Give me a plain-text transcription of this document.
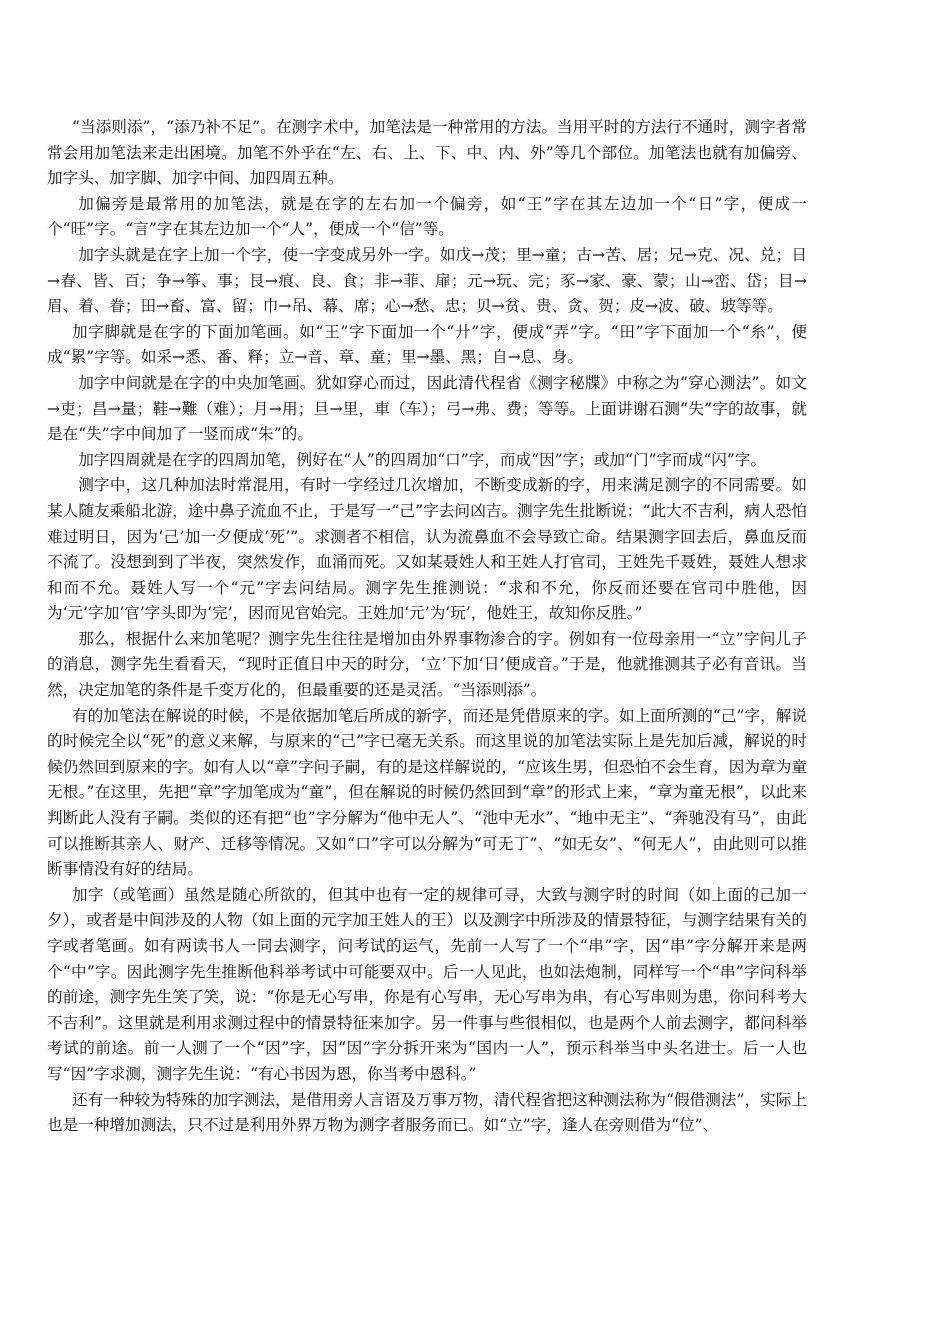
“当添则添”，“添乃补不足”。在测字术中，加笔法是一种常用的方法。当用平时的方法行不通时，测字者常常会用加笔法来走出困境。加笔不外乎在“左、右、上、下、中、内、外”等几个部位。加笔法也就有加偏旁、加字头、加字脚、加字中间、加四周五种。

加偏旁是最常用的加笔法，就是在字的左右加一个偏旁，如“王”字在其左边加一个“日”字，便成一个“旺”字。“言”字在其左边加一个“人”，便成一个“信”等。

加字头就是在字上加一个字，使一字变成另外一字。如戊→茂；里→童；古→苦、居；兄→克、况、兑；日→春、皆、百；争→筝、事；艮→痕、良、食；非→菲、扉；元→玩、完；豕→家、豪、蒙；山→峦、岱；目→眉、着、眷；田→畜、富、留；巾→吊、幕、席；心→愁、忠；贝→贫、贵、贪、贺；皮→波、破、坡等等。

加字脚就是在字的下面加笔画。如“王”字下面加一个“廾”字，便成“弄”字。“田”字下面加一个“糸”，便成“累”字等。如采→悉、番、释；立→音、章、童；里→墨、黑；自→息、身。

加字中间就是在字的中央加笔画。犹如穿心而过，因此清代程省《测字秘牒》中称之为“穿心测法”。如文→吏；昌→量；鞋→難（难）；月→用；旦→里，車（车）；弓→弗、费；等等。上面讲谢石测“失”字的故事，就是在“失”字中间加了一竖而成“朱”的。

加字四周就是在字的四周加笔，例好在“人”的四周加“口”字，而成“因”字；或加“门”字而成“闪”字。

测字中，这几种加法时常混用，有时一字经过几次增加，不断变成新的字，用来满足测字的不同需要。如某人随友乘船北游，途中鼻子流血不止，于是写一“己”字去问凶吉。测字先生批断说：“此大不吉利，病人恐怕难过明日，因为‘己’加一夕便成‘死’”。求测者不相信，认为流鼻血不会导致亡命。结果测字回去后，鼻血反而不流了。没想到到了半夜，突然发作，血涌而死。又如某聂姓人和王姓人打官司，王姓先千聂姓，聂姓人想求和而不允。聂姓人写一个“元”字去问结局。测字先生推测说：“求和不允，你反而还要在官司中胜他，因为‘元’字加‘官’字头即为‘完’，因而见官始完。王姓加‘元’为‘玩’，他姓王，故知你反胜。”

那么，根据什么来加笔呢？测字先生往往是增加由外界事物渗合的字。例如有一位母亲用一“立”字问儿子的消息，测字先生看看天，“现时正值日中天的时分，‘立’下加‘日’便成音。”于是，他就推测其子必有音讯。当然，决定加笔的条件是千变万化的，但最重要的还是灵活。“当添则添”。

有的加笔法在解说的时候，不是依据加笔后所成的新字，而还是凭借原来的字。如上面所测的“己”字，解说的时候完全以“死”的意义来解，与原来的“己”字已毫无关系。而这里说的加笔法实际上是先加后减，解说的时候仍然回到原来的字。如有人以“章”字问子嗣，有的是这样解说的，“应该生男，但恐怕不会生育，因为章为童无根。”在这里，先把“章”字加笔成为“童”，但在解说的时候仍然回到“章”的形式上来，“章为童无根”，以此来判断此人没有子嗣。类似的还有把“也”字分解为“他中无人”、“池中无水”、“地中无主”、“奔驰没有马”，由此可以推断其亲人、财产、迁移等情况。又如“口”字可以分解为“可无丁”、“如无女”、“何无人”，由此则可以推断事情没有好的结局。

加字（或笔画）虽然是随心所欲的，但其中也有一定的规律可寻，大致与测字时的时间（如上面的己加一夕），或者是中间涉及的人物（如上面的元字加王姓人的王）以及测字中所涉及的情景特征，与测字结果有关的字或者笔画。如有两读书人一同去测字，问考试的运气，先前一人写了一个“串”字，因“串”字分解开来是两个“中”字。因此测字先生推断他科举考试中可能要双中。后一人见此，也如法炮制，同样写一个“串”字问科举的前途，测字先生笑了笑，说：“你是无心写串，你是有心写串，无心写串为串，有心写串则为患，你问科考大不吉利”。这里就是利用求测过程中的情景特征来加字。另一件事与些很相似，也是两个人前去测字，都问科举考试的前途。前一人测了一个“因”字，因“因”字分拆开来为“国内一人”，预示科举当中头名进士。后一人也写“因”字求测，测字先生说：“有心书因为恩，你当考中恩科。”

还有一种较为特殊的加字测法，是借用旁人言语及万事万物，清代程省把这种测法称为“假借测法”，实际上也是一种增加测法，只不过是利用外界万物为测字者服务而已。如“立”字，逢人在旁则借为“位”、
